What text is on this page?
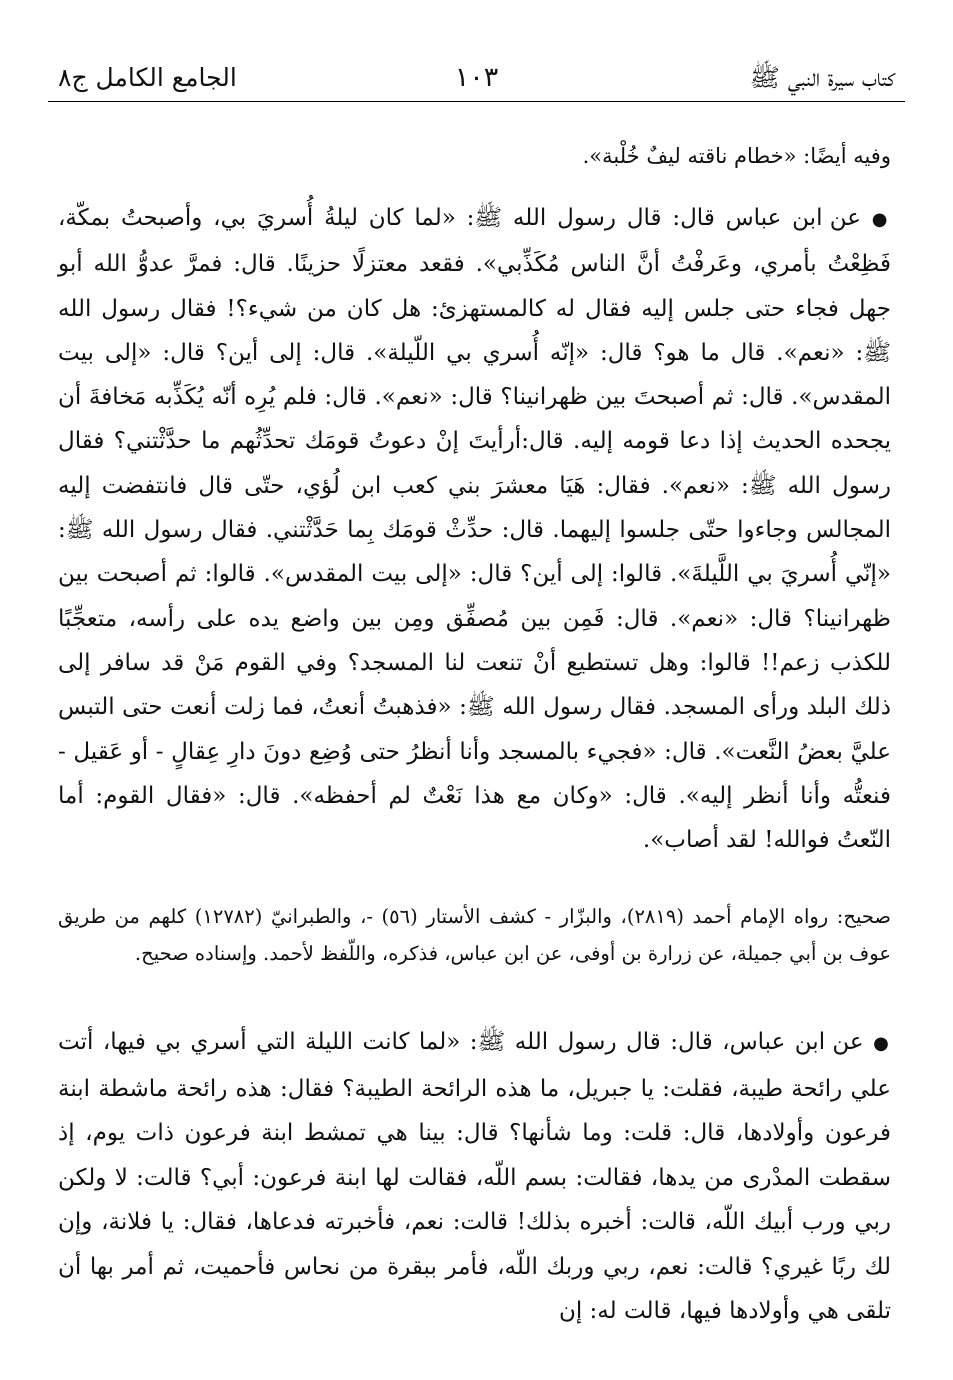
كتاب سيرة النبي ﷺ
١٠٣
الجامع الكامل ج٨
وفيه أيضًا: «خطام ناقته ليفٌ خُلْبة».
● عن ابن عباس قال: قال رسول الله ﷺ: «لما كان ليلةُ أُسريَ بي، وأصبحتُ بمكّة، فَظِعْتُ بأمري، وعَرفْتُ أنَّ الناس مُكَذِّبي». فقعد معتزلًا حزينًا. قال: فمرَّ عدوُّ الله أبو جهل فجاء حتى جلس إليه فقال له كالمستهزئ: هل كان من شيء؟! فقال رسول الله ﷺ: «نعم». قال ما هو؟ قال: «إنّه أُسري بي اللّيلة». قال: إلى أين؟ قال: «إلى بيت المقدس». قال: ثم أصبحتَ بين ظهرانينا؟ قال: «نعم». قال: فلم يُرِه أنّه يُكَذِّبه مَخافةَ أن يجحده الحديث إذا دعا قومه إليه. قال:أرأيتَ إنْ دعوتُ قومَك تحدِّثُهم ما حدَّثْتني؟ فقال رسول الله ﷺ: «نعم». فقال: هَيَا معشرَ بني كعب ابن لُؤي، حتّى قال فانتفضت إليه المجالس وجاءوا حتّى جلسوا إليهما. قال: حدِّثْ قومَك بِما حَدَّثْتني. فقال رسول الله ﷺ: «إنّي أُسريَ بي اللَّيلةَ». قالوا: إلى أين؟ قال: «إلى بيت المقدس». قالوا: ثم أصبحت بين ظهرانينا؟ قال: «نعم». قال: فَمِن بين مُصفِّق ومِن بين واضع يده على رأسه، متعجِّبًا للكذب زعم!! قالوا: وهل تستطيع أنْ تنعت لنا المسجد؟ وفي القوم مَنْ قد سافر إلى ذلك البلد ورأى المسجد. فقال رسول الله ﷺ: «فذهبتُ أنعتُ، فما زلت أنعت حتى التبس عليَّ بعضُ النَّعت». قال: «فجيء بالمسجد وأنا أنظرُ حتى وُضِع دونَ دارِ عِقالٍ - أو عَقيل - فنعتُّه وأنا أنظر إليه». قال: «وكان مع هذا نَعْتٌ لم أحفظه». قال: «فقال القوم: أما النّعتُ فوالله! لقد أصاب».
صحيح: رواه الإمام أحمد (٢٨١٩)، والبزّار - كشف الأستار (٥٦) -، والطبرانيّ (١٢٧٨٢) كلهم من طريق عوف بن أبي جميلة، عن زرارة بن أوفى، عن ابن عباس، فذكره، واللّفظ لأحمد. وإسناده صحيح.
● عن ابن عباس، قال: قال رسول الله ﷺ: «لما كانت الليلة التي أسري بي فيها، أتت علي رائحة طيبة، فقلت: يا جبريل، ما هذه الرائحة الطيبة؟ فقال: هذه رائحة ماشطة ابنة فرعون وأولادها، قال: قلت: وما شأنها؟ قال: بينا هي تمشط ابنة فرعون ذات يوم، إذ سقطت المدْرى من يدها، فقالت: بسم اللّه، فقالت لها ابنة فرعون: أبي؟ قالت: لا ولكن ربي ورب أبيك اللّه، قالت: أخبره بذلك! قالت: نعم، فأخبرته فدعاها، فقال: يا فلانة، وإن لك ربًا غيري؟ قالت: نعم، ربي وربك اللّه، فأمر ببقرة من نحاس فأحميت، ثم أمر بها أن تلقى هي وأولادها فيها، قالت له: إن
